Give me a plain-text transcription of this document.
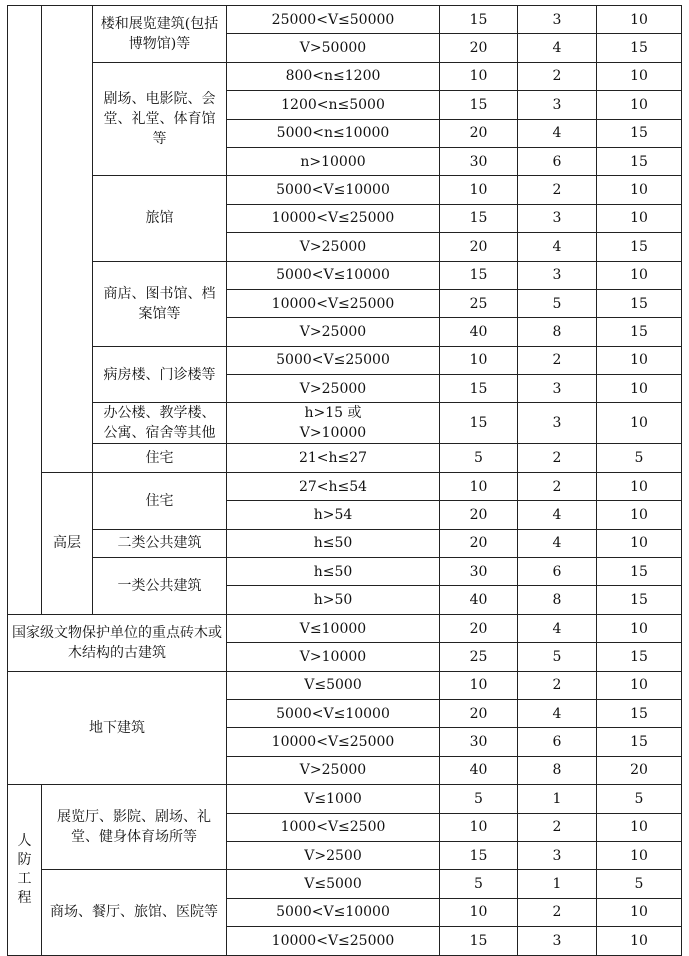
		楼和展览建筑(包括博物馆)等	25000<V≤50000	15	3	10
			V>50000	20	4	15
		剧场、电影院、会堂、礼堂、体育馆等	800<n≤1200	10	2	10
			1200<n≤5000	15	3	10
			5000<n≤10000	20	4	15
			n>10000	30	6	15
		旅馆	5000<V≤10000	10	2	10
			10000<V≤25000	15	3	10
			V>25000	20	4	15
		商店、图书馆、档案馆等	5000<V≤10000	15	3	10
			10000<V≤25000	25	5	15
			V>25000	40	8	15
		病房楼、门诊楼等	5000<V≤25000	10	2	10
			V>25000	15	3	10
		办公楼、教学楼、公寓、宿舍等其他	h>15 或
V>10000	15	3	10
		住宅	21<h≤27	5	2	5
	高层	住宅	27<h≤54	10	2	10
			h>54	20	4	10
		二类公共建筑	h≤50	20	4	10
		一类公共建筑	h≤50	30	6	15
			h>50	40	8	15
国家级文物保护单位的重点砖木或木结构的古建筑			V≤10000	20	4	10
			V>10000	25	5	15
地下建筑			V≤5000	10	2	10
			5000<V≤10000	20	4	15
			10000<V≤25000	30	6	15
			V>25000	40	8	20

人防工程	展览厅、影院、剧场、礼堂、健身体育场所等		V≤1000	5	1	5
			1000<V≤2500	10	2	10
			V>2500	15	3	10
	商场、餐厅、旅馆、医院等		V≤5000	5	1	5
			5000<V≤10000	10	2	10
			10000<V≤25000	15	3	10
